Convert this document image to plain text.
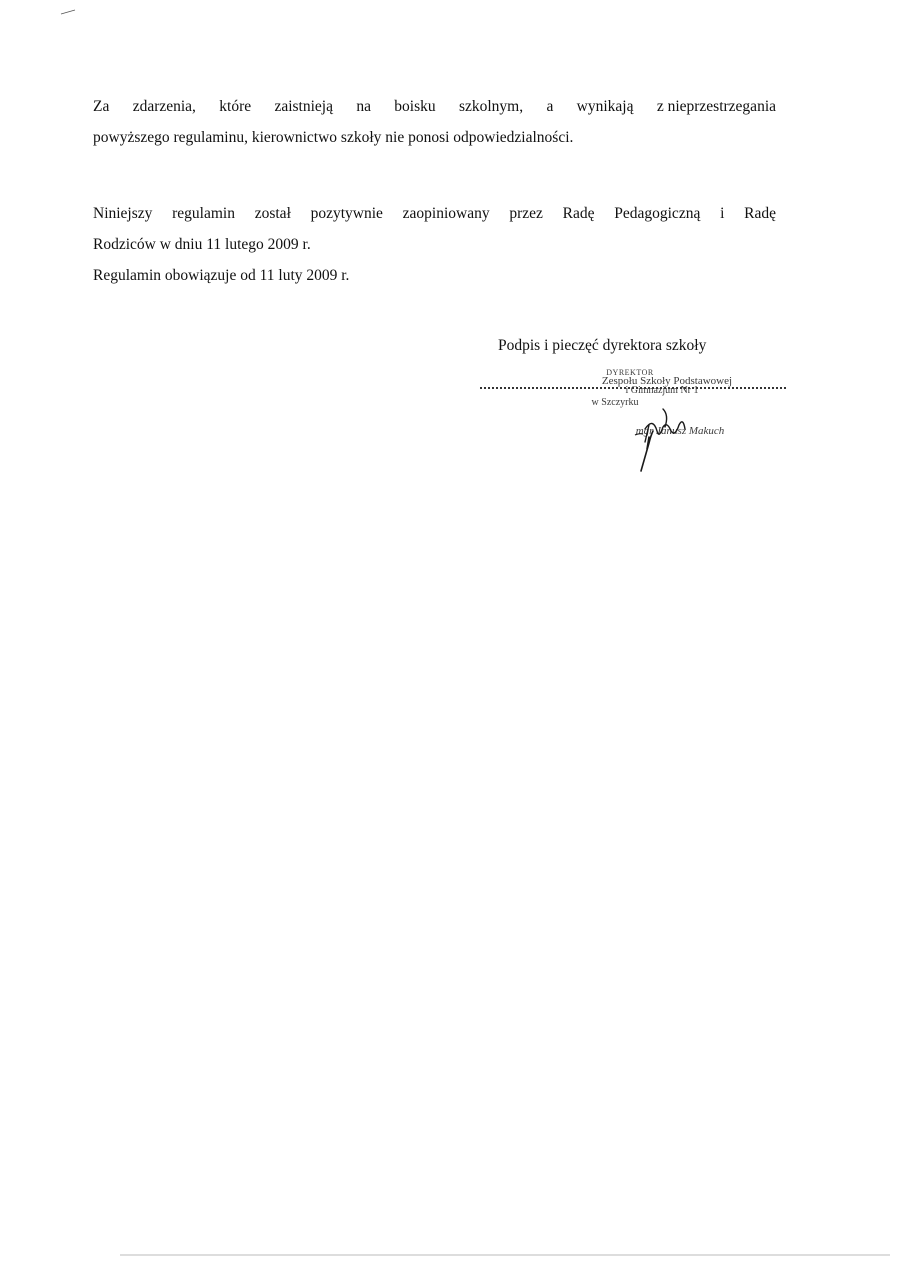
Za zdarzenia, które zaistnieją na boisku szkolnym, a wynikają z nieprzestrzegania
powyższego regulaminu, kierownictwo szkoły nie ponosi odpowiedzialności.
Niniejszy regulamin został pozytywnie zaopiniowany przez Radę Pedagogiczną i Radę
Rodziców w dniu 11 lutego 2009 r.
Regulamin obowiązuje od 11 luty 2009 r.
Podpis i pieczęć dyrektora szkoły
DYREKTOR
Zespołu Szkoły Podstawowej
i Gimnazjum Nr 1
w Szczyrku
mgr Janusz Makuch
